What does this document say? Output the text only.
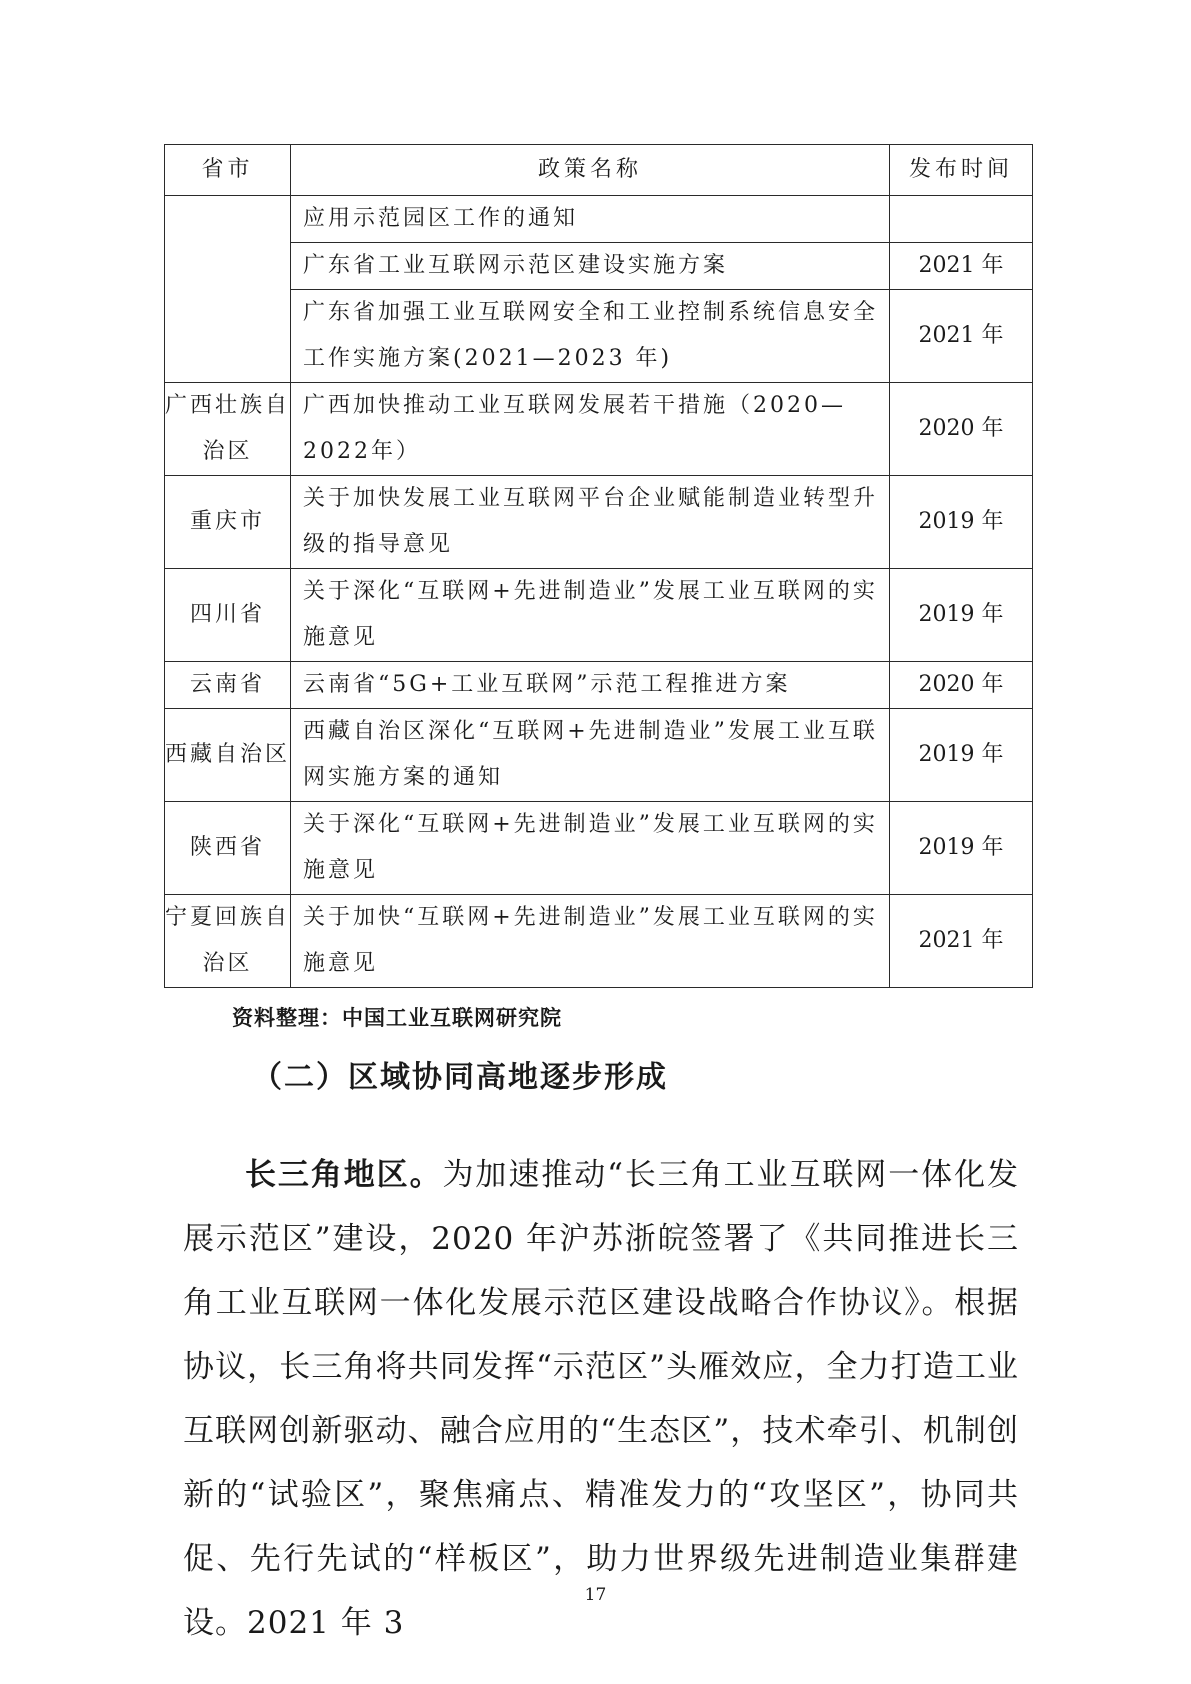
省市	政策名称	发布时间
	应用示范园区工作的通知	
	广东省工业互联网示范区建设实施方案	2021 年
	广东省加强工业互联网安全和工业控制系统信息安全工作实施方案(2021—2023 年)	2021 年
广西壮族自治区	广西加快推动工业互联网发展若干措施（2020—2022年）	2020 年
重庆市	关于加快发展工业互联网平台企业赋能制造业转型升级的指导意见	2019 年
四川省	关于深化“互联网+先进制造业”发展工业互联网的实施意见	2019 年
云南省	云南省“5G+工业互联网”示范工程推进方案	2020 年
西藏自治区	西藏自治区深化“互联网+先进制造业”发展工业互联网实施方案的通知	2019 年
陕西省	关于深化“互联网+先进制造业”发展工业互联网的实施意见	2019 年
宁夏回族自治区	关于加快“互联网+先进制造业”发展工业互联网的实施意见	2021 年
资料整理：中国工业互联网研究院
（二）区域协同高地逐步形成

长三角地区。为加速推动“长三角工业互联网一体化发展示范区”建设，2020 年沪苏浙皖签署了《共同推进长三角工业互联网一体化发展示范区建设战略合作协议》。根据协议，长三角将共同发挥“示范区”头雁效应，全力打造工业互联网创新驱动、融合应用的“生态区”，技术牵引、机制创新的“试验区”，聚焦痛点、精准发力的“攻坚区”，协同共促、先行先试的“样板区”，助力世界级先进制造业集群建设。2021 年 3

17
